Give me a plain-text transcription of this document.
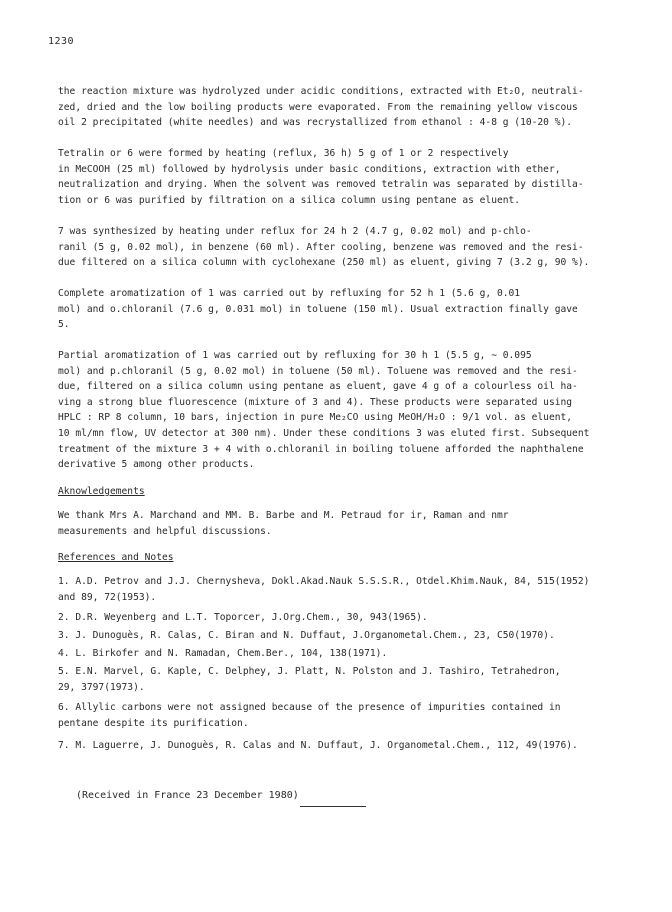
1230
the reaction mixture was hydrolyzed under acidic conditions, extracted with Et₂O, neutrali-
zed, dried and the low boiling products were evaporated. From the remaining yellow viscous
oil 2 precipitated (white needles) and was recrystallized from ethanol : 4-8 g (10-20 %).
Tetralin or 6 were formed by heating (reflux, 36 h) 5 g of 1 or 2 respectively
in MeCOOH (25 ml) followed by hydrolysis under basic conditions, extraction with ether,
neutralization and drying. When the solvent was removed tetralin was separated by distilla-
tion or 6 was purified by filtration on a silica column using pentane as eluent.
7 was synthesized by heating under reflux for 24 h 2 (4.7 g, 0.02 mol) and p-chlo-
ranil (5 g, 0.02 mol), in benzene (60 ml). After cooling, benzene was removed and the resi-
due filtered on a silica column with cyclohexane (250 ml) as eluent, giving 7 (3.2 g, 90 %).
Complete aromatization of 1 was carried out by refluxing for 52 h 1 (5.6 g, 0.01
mol) and o.chloranil (7.6 g, 0.031 mol) in toluene (150 ml). Usual extraction finally gave
5.
Partial aromatization of 1 was carried out by refluxing for 30 h 1 (5.5 g, ∼ 0.095
mol) and p.chloranil (5 g, 0.02 mol) in toluene (50 ml). Toluene was removed and the resi-
due, filtered on a silica column using pentane as eluent, gave 4 g of a colourless oil ha-
ving a strong blue fluorescence (mixture of 3 and 4). These products were separated using
HPLC : RP 8 column, 10 bars, injection in pure Me₂CO using MeOH/H₂O : 9/1 vol. as eluent,
10 ml/mn flow, UV detector at 300 nm). Under these conditions 3 was eluted first. Subsequent
treatment of the mixture 3 + 4 with o.chloranil in boiling toluene afforded the naphthalene
derivative 5 among other products.
Aknowledgements
We thank Mrs A. Marchand and MM. B. Barbe and M. Petraud for ir, Raman and nmr
measurements and helpful discussions.
References and Notes
1. A.D. Petrov and J.J. Chernysheva, Dokl.Akad.Nauk S.S.S.R., Otdel.Khim.Nauk, 84, 515(1952)
and 89, 72(1953).
2. D.R. Weyenberg and L.T. Toporcer, J.Org.Chem., 30, 943(1965).
3. J. Dunoguès, R. Calas, C. Biran and N. Duffaut, J.Organometal.Chem., 23, C50(1970).
4. L. Birkofer and N. Ramadan, Chem.Ber., 104, 138(1971).
5. E.N. Marvel, G. Kaple, C. Delphey, J. Platt, N. Polston and J. Tashiro, Tetrahedron,
29, 3797(1973).
6. Allylic carbons were not assigned because of the presence of impurities contained in
pentane despite its purification.
7. M. Laguerre, J. Dunoguès, R. Calas and N. Duffaut, J. Organometal.Chem., 112, 49(1976).
(Received in France 23 December 1980)
